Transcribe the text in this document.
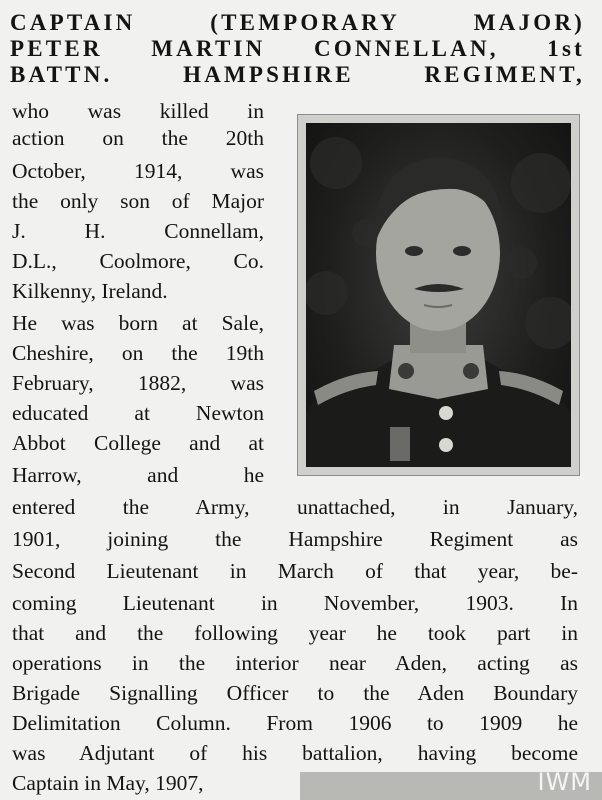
CAPTAIN (TEMPORARY MAJOR)
PETER MARTIN CONNELLAN, 1st
BATTN. HAMPSHIRE REGIMENT,
who was killed in
action on the 20th
October, 1914, was
the only son of Major
J. H. Connellam,
D.L., Coolmore, Co.
Kilkenny, Ireland.
He was born at Sale,
Cheshire, on the 19th
February, 1882, was
educated at Newton
Abbot College and at
Harrow, and he
entered the Army, unattached, in January,
1901, joining the Hampshire Regiment as
Second Lieutenant in March of that year, be-
coming Lieutenant in November, 1903. In
that and the following year he took part in
operations in the interior near Aden, acting as
Brigade Signalling Officer to the Aden Boundary
Delimitation Column. From 1906 to 1909 he
was Adjutant of his battalion, having become
Captain in May, 1907,	IWM
